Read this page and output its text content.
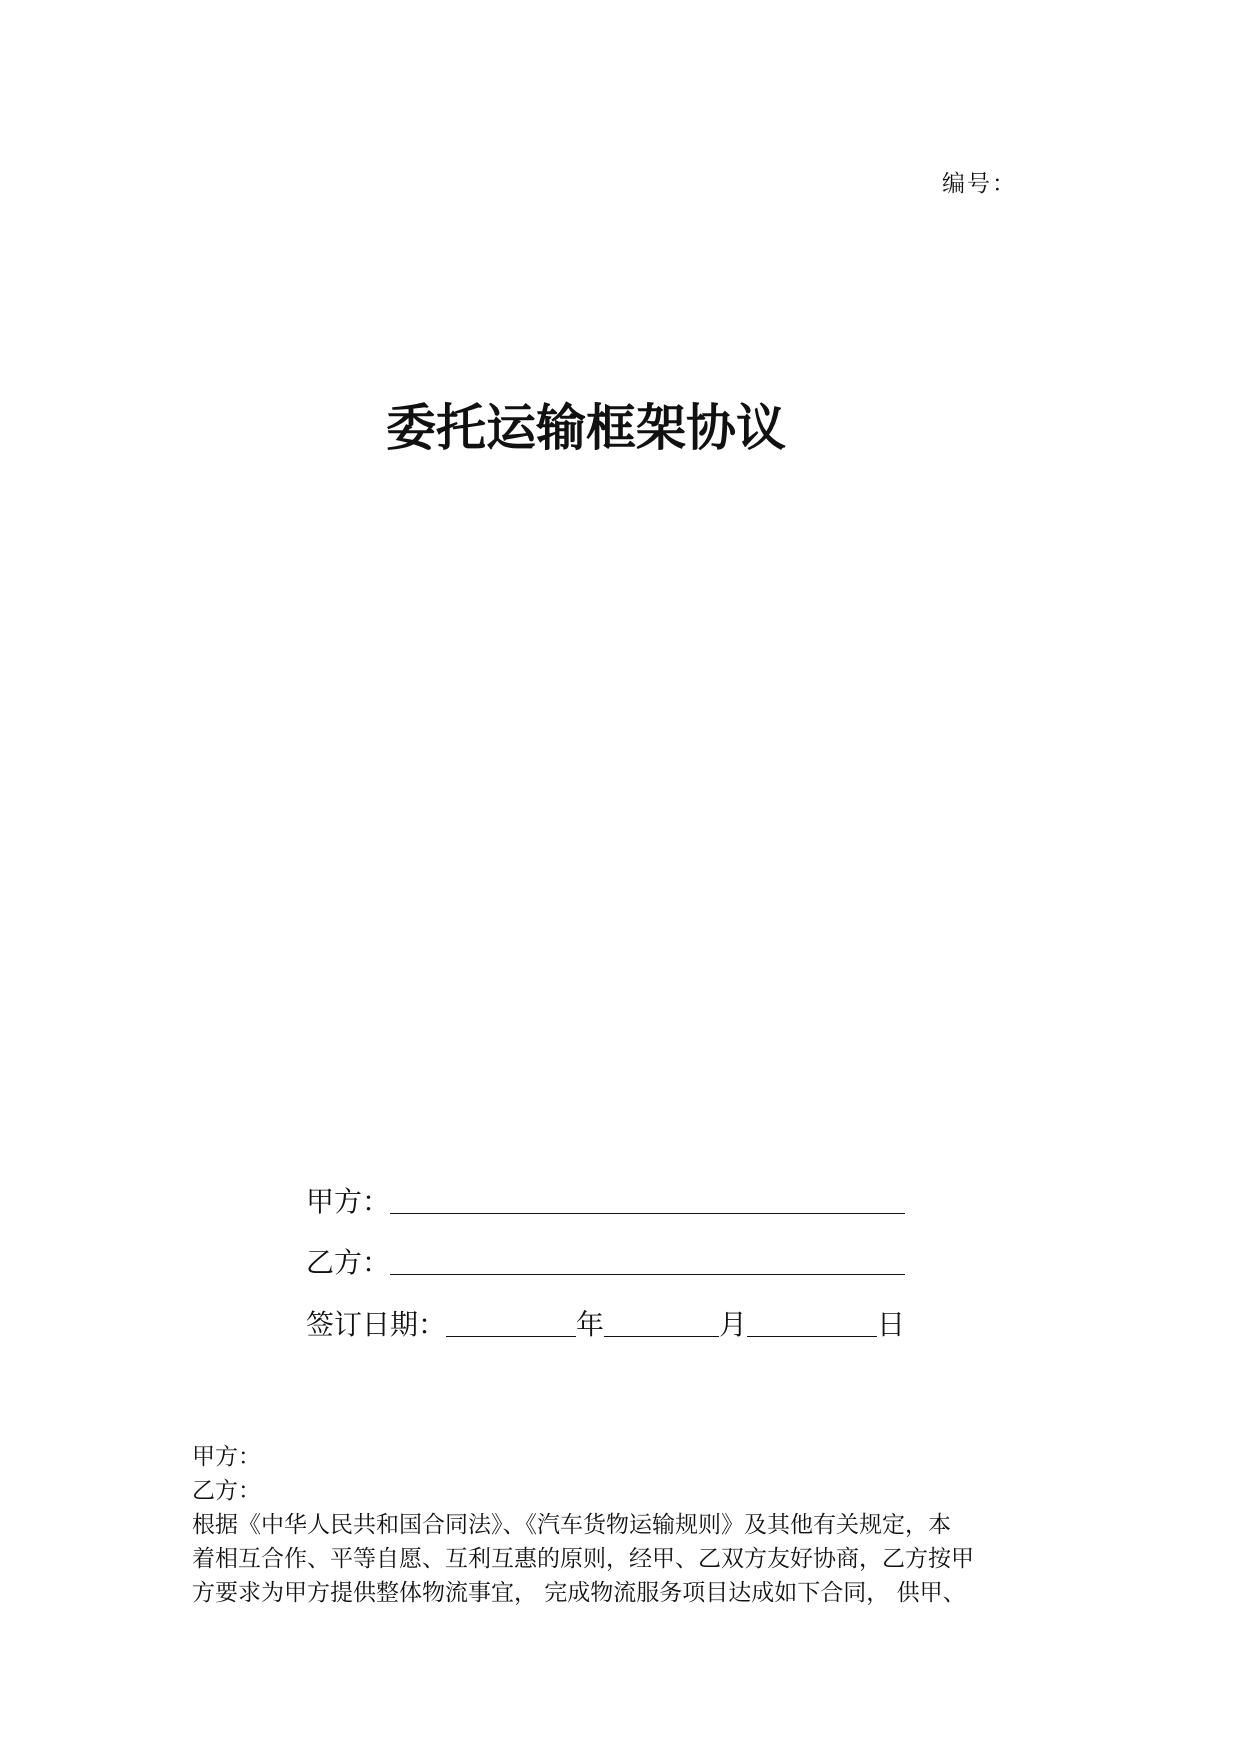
编号：
委托运输框架协议
甲方：
乙方：
签订日期：	年	月	日

甲方：

乙方：

根据《中华人民共和国合同法》、《汽车货物运输规则》及其他有关规定，本

着相互合作、平等自愿、互利互惠的原则，经甲、乙双方友好协商，乙方按甲

方要求为甲方提供整体物流事宜， 完成物流服务项目达成如下合同， 供甲、
